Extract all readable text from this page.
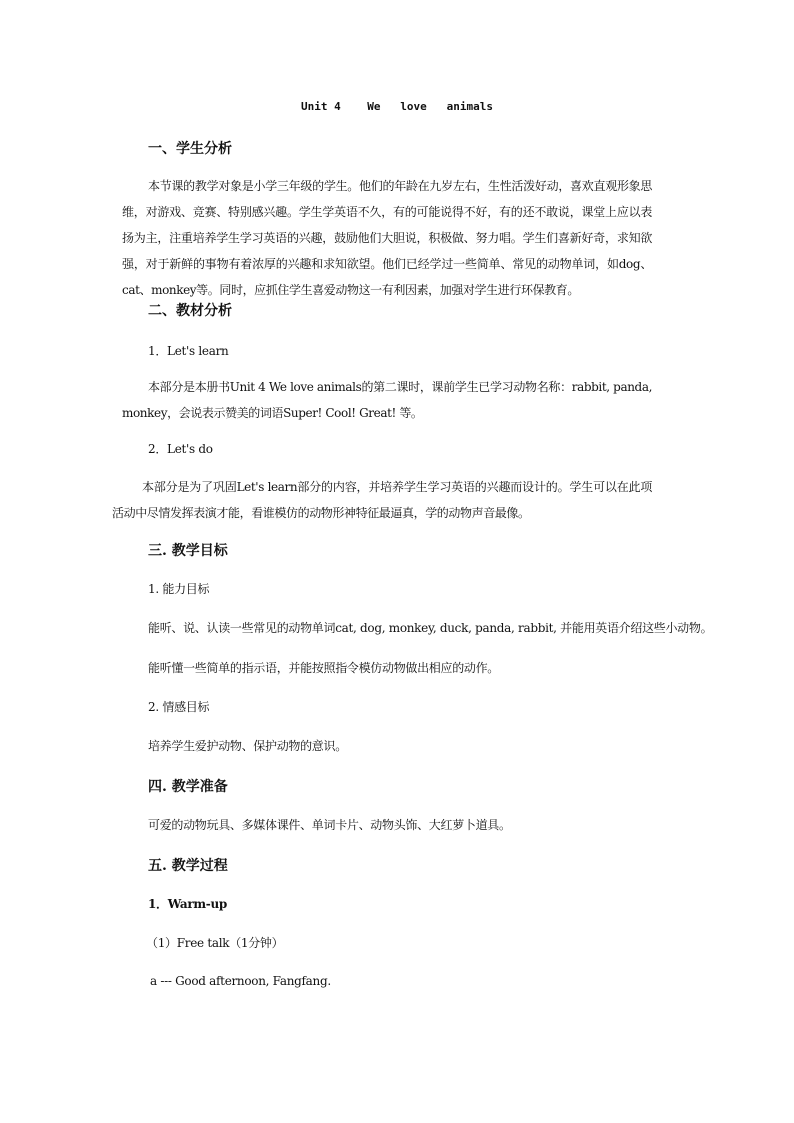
Unit 4    We   love   animals
一、学生分析
本节课的教学对象是小学三年级的学生。他们的年龄在九岁左右，生性活泼好动，喜欢直观形象思维，对游戏、竞赛、特别感兴趣。学生学英语不久，有的可能说得不好，有的还不敢说，课堂上应以表扬为主，注重培养学生学习英语的兴趣，鼓励他们大胆说，积极做、努力唱。学生们喜新好奇，求知欲强，对于新鲜的事物有着浓厚的兴趣和求知欲望。他们已经学过一些简单、常见的动物单词，如dog、cat、monkey等。同时，应抓住学生喜爱动物这一有利因素，加强对学生进行环保教育。
二、教材分析
1．Let's learn
本部分是本册书Unit 4 We love animals的第二课时，课前学生已学习动物名称：rabbit, panda, monkey，会说表示赞美的词语Super! Cool! Great! 等。
2．Let's do
本部分是为了巩固Let's learn部分的内容，并培养学生学习英语的兴趣而设计的。学生可以在此项活动中尽情发挥表演才能，看谁模仿的动物形神特征最逼真，学的动物声音最像。
三. 教学目标
1. 能力目标
能听、说、认读一些常见的动物单词cat, dog, monkey, duck, panda, rabbit, 并能用英语介绍这些小动物。
能听懂一些简单的指示语，并能按照指令模仿动物做出相应的动作。
2. 情感目标
培养学生爱护动物、保护动物的意识。
四. 教学准备
可爱的动物玩具、多媒体课件、单词卡片、动物头饰、大红萝卜道具。
五. 教学过程
1．Warm-up
（1）Free talk（1分钟）
a --- Good afternoon, Fangfang.
